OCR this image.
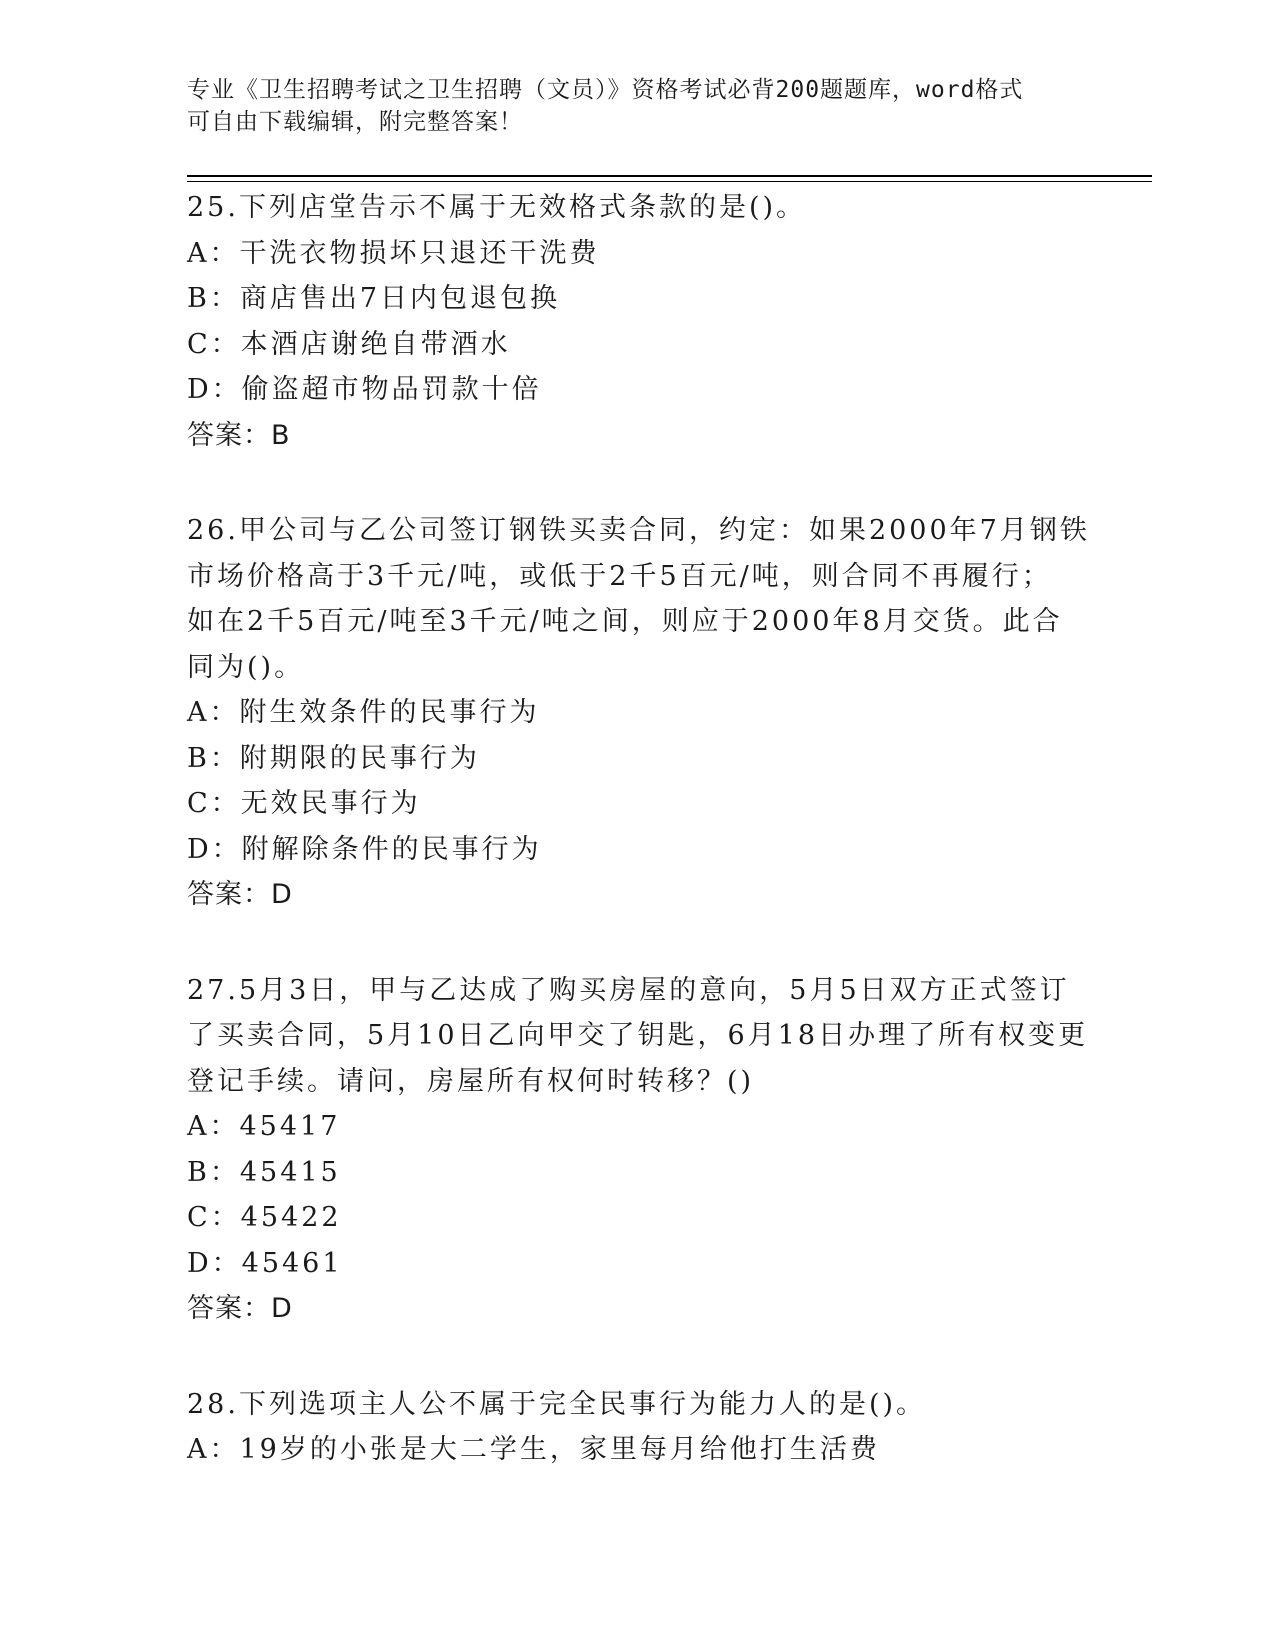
专业《卫生招聘考试之卫生招聘（文员）》资格考试必背200题题库，word格式
可自由下载编辑，附完整答案！
25.下列店堂告示不属于无效格式条款的是()。
A：干洗衣物损坏只退还干洗费
B：商店售出7日内包退包换
C：本酒店谢绝自带酒水
D：偷盗超市物品罚款十倍
答案：B
26.甲公司与乙公司签订钢铁买卖合同，约定：如果2000年7月钢铁
市场价格高于3千元/吨，或低于2千5百元/吨，则合同不再履行；
如在2千5百元/吨至3千元/吨之间，则应于2000年8月交货。此合
同为()。
A：附生效条件的民事行为
B：附期限的民事行为
C：无效民事行为
D：附解除条件的民事行为
答案：D
27.5月3日，甲与乙达成了购买房屋的意向，5月5日双方正式签订
了买卖合同，5月10日乙向甲交了钥匙，6月18日办理了所有权变更
登记手续。请问，房屋所有权何时转移？()
A：45417
B：45415
C：45422
D：45461
答案：D
28.下列选项主人公不属于完全民事行为能力人的是()。
A：19岁的小张是大二学生，家里每月给他打生活费
